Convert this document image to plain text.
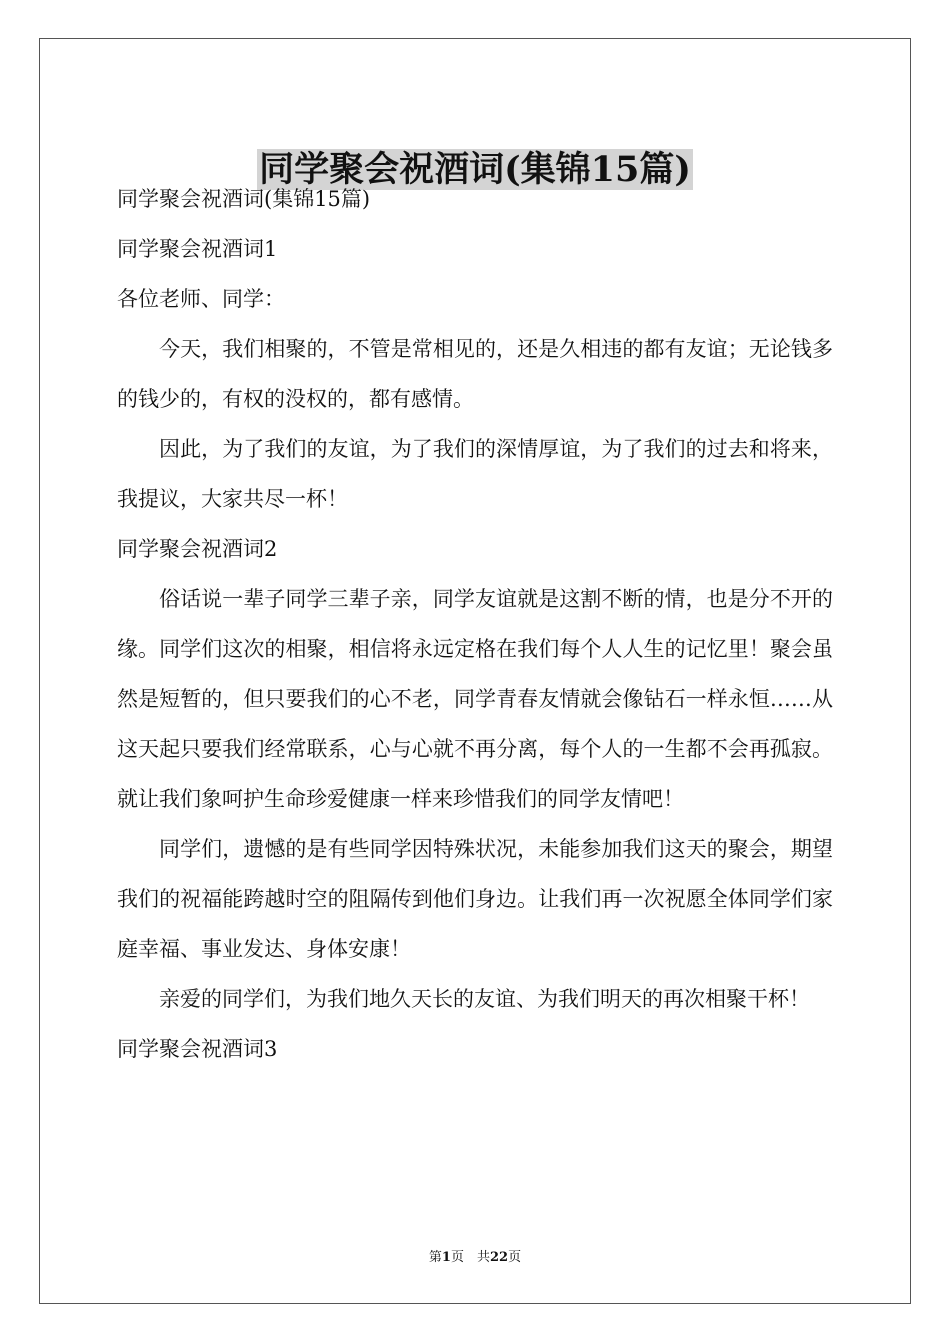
同学聚会祝酒词(集锦15篇)
同学聚会祝酒词(集锦15篇)
同学聚会祝酒词1
各位老师、同学：

今天，我们相聚的，不管是常相见的，还是久相违的都有友谊；无论钱多的钱少的，有权的没权的，都有感情。

因此，为了我们的友谊，为了我们的深情厚谊，为了我们的过去和将来，我提议，大家共尽一杯！

同学聚会祝酒词2

俗话说一辈子同学三辈子亲，同学友谊就是这割不断的情，也是分不开的缘。同学们这次的相聚，相信将永远定格在我们每个人人生的记忆里！聚会虽然是短暂的，但只要我们的心不老，同学青春友情就会像钻石一样永恒……从这天起只要我们经常联系，心与心就不再分离，每个人的一生都不会再孤寂。就让我们象呵护生命珍爱健康一样来珍惜我们的同学友情吧！

同学们，遗憾的是有些同学因特殊状况，未能参加我们这天的聚会，期望我们的祝福能跨越时空的阻隔传到他们身边。让我们再一次祝愿全体同学们家庭幸福、事业发达、身体安康！

亲爱的同学们，为我们地久天长的友谊、为我们明天的再次相聚干杯！

同学聚会祝酒词3
第1页　共22页
